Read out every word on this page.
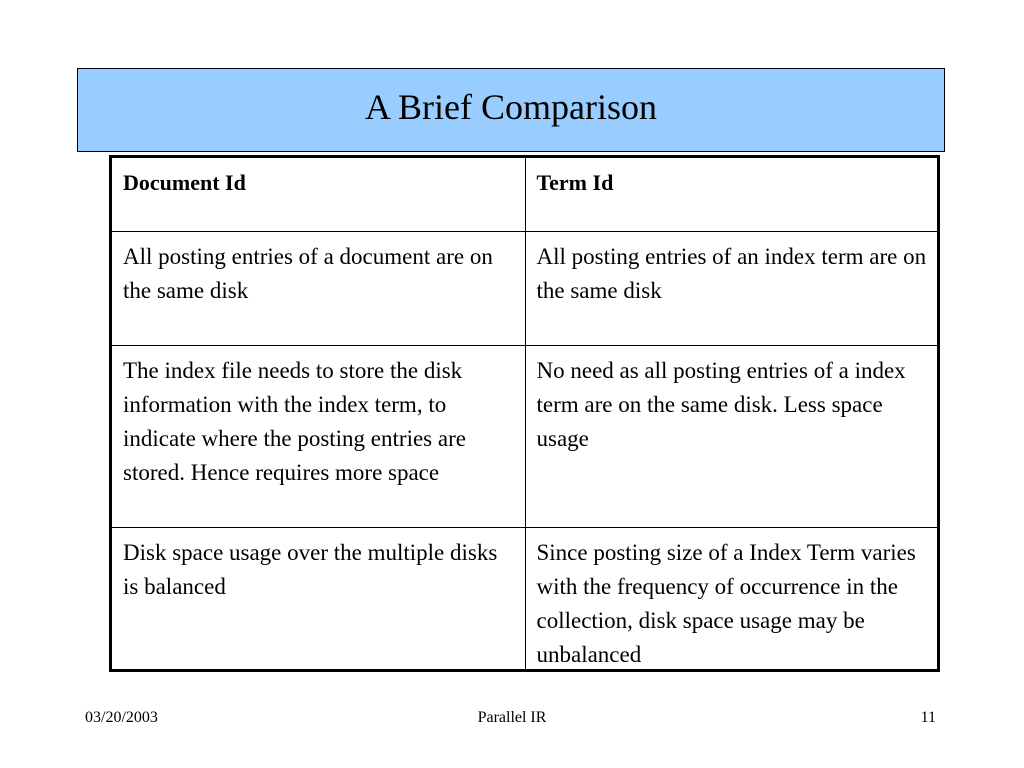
A Brief Comparison
Document Id	Term Id
All posting entries of a document are on the same disk	All posting entries of an index term are on the same disk
The index file needs to store the disk information with the index term, to indicate where the posting entries are stored. Hence requires more space	No need as all posting entries of a index term are on the same disk. Less space usage
Disk space usage over the multiple disks is balanced	Since posting size of a Index Term varies with the frequency of occurrence in the collection, disk space usage may be unbalanced
03/20/2003	Parallel IR	11
